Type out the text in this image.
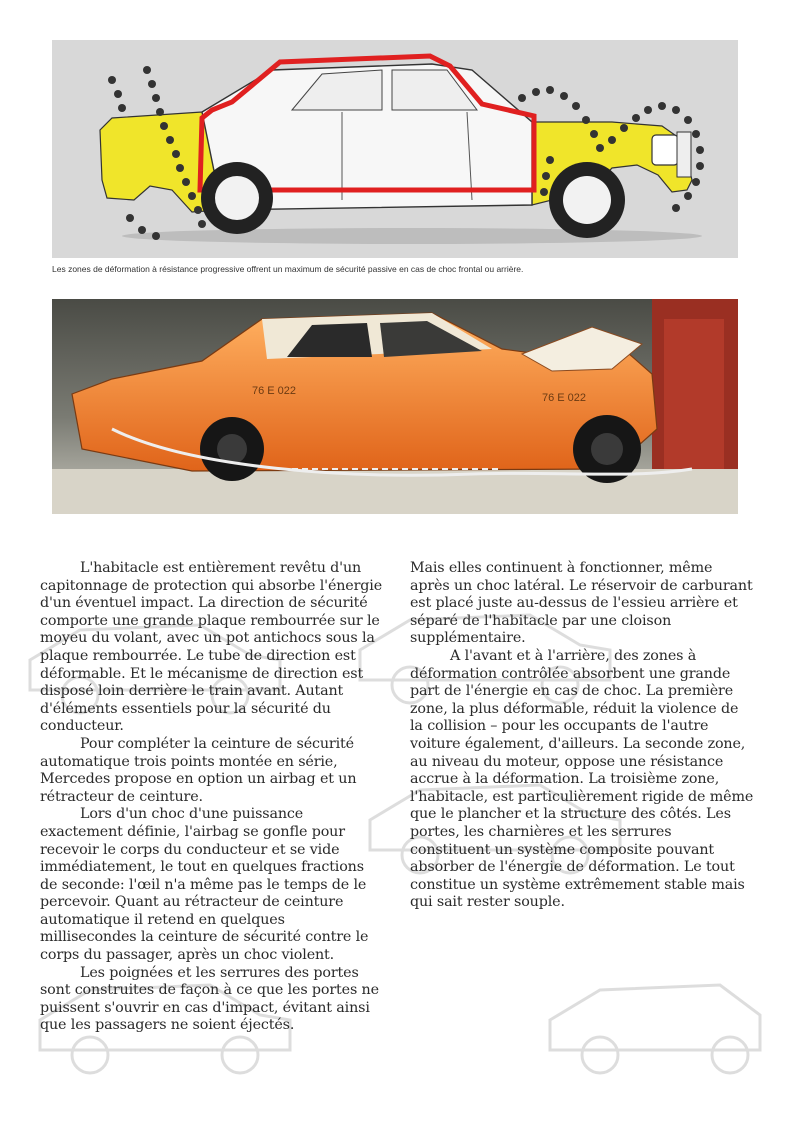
Les zones de déformation à résistance progressive offrent un maximum de sécurité passive en cas de choc frontal ou arrière.
76 E 022
76 E 022

L'habitacle est entièrement revêtu d'un capitonnage de protection qui absorbe l'énergie d'un éventuel impact. La direction de sécurité comporte une grande plaque rembourrée sur le moyeu du volant, avec un pot antichocs sous la plaque rembourrée. Le tube de direction est déformable. Et le mécanisme de direction est disposé loin derrière le train avant. Autant d'éléments essentiels pour la sécurité du conducteur.

Pour compléter la ceinture de sécurité automatique trois points montée en série, Mercedes propose en option un airbag et un rétracteur de ceinture.

Lors d'un choc d'une puissance exactement définie, l'airbag se gonfle pour recevoir le corps du conducteur et se vide immédiatement, le tout en quelques fractions de seconde: l'œil n'a même pas le temps de le percevoir. Quant au rétracteur de ceinture automatique il retend en quelques millisecondes la ceinture de sécurité contre le corps du passager, après un choc violent.

Les poignées et les serrures des portes sont construites de façon à ce que les portes ne puissent s'ouvrir en cas d'impact, évitant ainsi que les passagers ne soient éjectés.

Mais elles continuent à fonctionner, même après un choc latéral. Le réservoir de carburant est placé juste au-dessus de l'essieu arrière et séparé de l'habitacle par une cloison supplémentaire.

A l'avant et à l'arrière, des zones à déformation contrôlée absorbent une grande part de l'énergie en cas de choc. La première zone, la plus déformable, réduit la violence de la collision – pour les occupants de l'autre voiture également, d'ailleurs. La seconde zone, au niveau du moteur, oppose une résistance accrue à la déformation. La troisième zone, l'habitacle, est particulièrement rigide de même que le plancher et la structure des côtés. Les portes, les charnières et les serrures constituent un système composite pouvant absorber de l'énergie de déformation. Le tout constitue un système extrêmement stable mais qui sait rester souple.
